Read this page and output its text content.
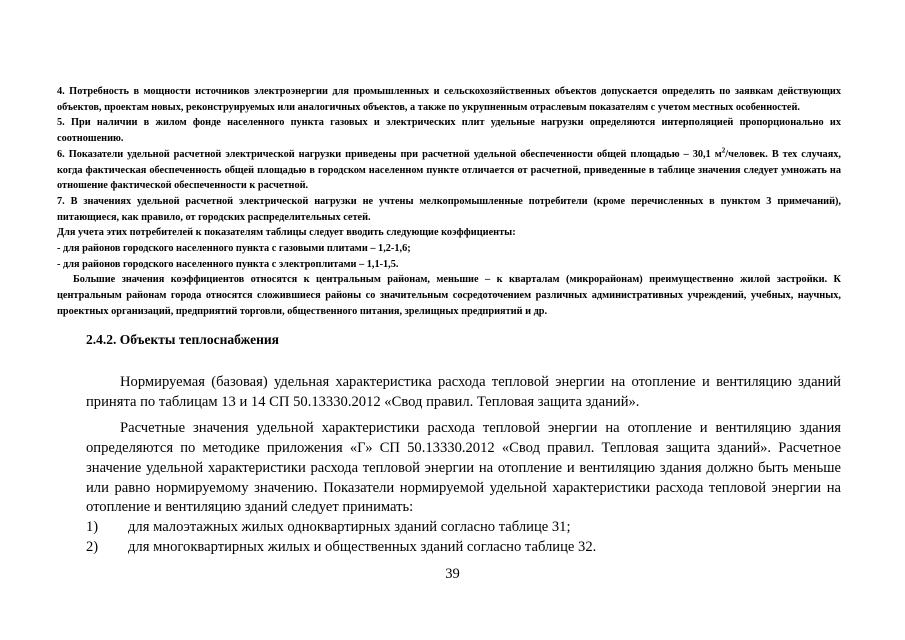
4. Потребность в мощности источников электроэнергии для промышленных и сельскохозяйственных объектов допускается определять по заявкам действующих объектов, проектам новых, реконструируемых или аналогичных объектов, а также по укрупненным отраслевым показателям с учетом местных особенностей.

5. При наличии в жилом фонде населенного пункта газовых и электрических плит удельные нагрузки определяются интерполяцией пропорционально их соотношению.

6. Показатели удельной расчетной электрической нагрузки приведены при расчетной удельной обеспеченности общей площадью – 30,1 $м^2$/человек. В тех случаях, когда фактическая обеспеченность общей площадью в городском населенном пункте отличается от расчетной, приведенные в таблице значения следует умножать на отношение фактической обеспеченности к расчетной.

7. В значениях удельной расчетной электрической нагрузки не учтены мелкопромышленные потребители (кроме перечисленных в пунктом 3 примечаний), питающиеся, как правило, от городских распределительных сетей.

Для учета этих потребителей к показателям таблицы следует вводить следующие коэффициенты:

- для районов городского населенного пункта с газовыми плитами – 1,2-1,6;

- для районов городского населенного пункта с электроплитами – 1,1-1,5.

Большие значения коэффициентов относятся к центральным районам, меньшие – к кварталам (микрорайонам) преимущественно жилой застройки. К центральным районам города относятся сложившиеся районы со значительным сосредоточением различных административных учреждений, учебных, научных, проектных организаций, предприятий торговли, общественного питания, зрелищных предприятий и др.

2.4.2. Объекты теплоснабжения

Нормируемая (базовая) удельная характеристика расхода тепловой энергии на отопление и вентиляцию зданий принята по таблицам 13 и 14 СП 50.13330.2012 «Свод правил. Тепловая защита зданий».

Расчетные значения удельной характеристики расхода тепловой энергии на отопление и вентиляцию здания определяются по методике приложения «Г» СП 50.13330.2012 «Свод правил. Тепловая защита зданий». Расчетное значение удельной характеристики расхода тепловой энергии на отопление и вентиляцию здания должно быть меньше или равно нормируемому значению. Показатели нормируемой удельной характеристики расхода тепловой энергии на отопление и вентиляцию зданий следует принимать:

1)	для малоэтажных жилых одноквартирных зданий согласно таблице 31;
2)	для многоквартирных жилых и общественных зданий согласно таблице 32.
39
